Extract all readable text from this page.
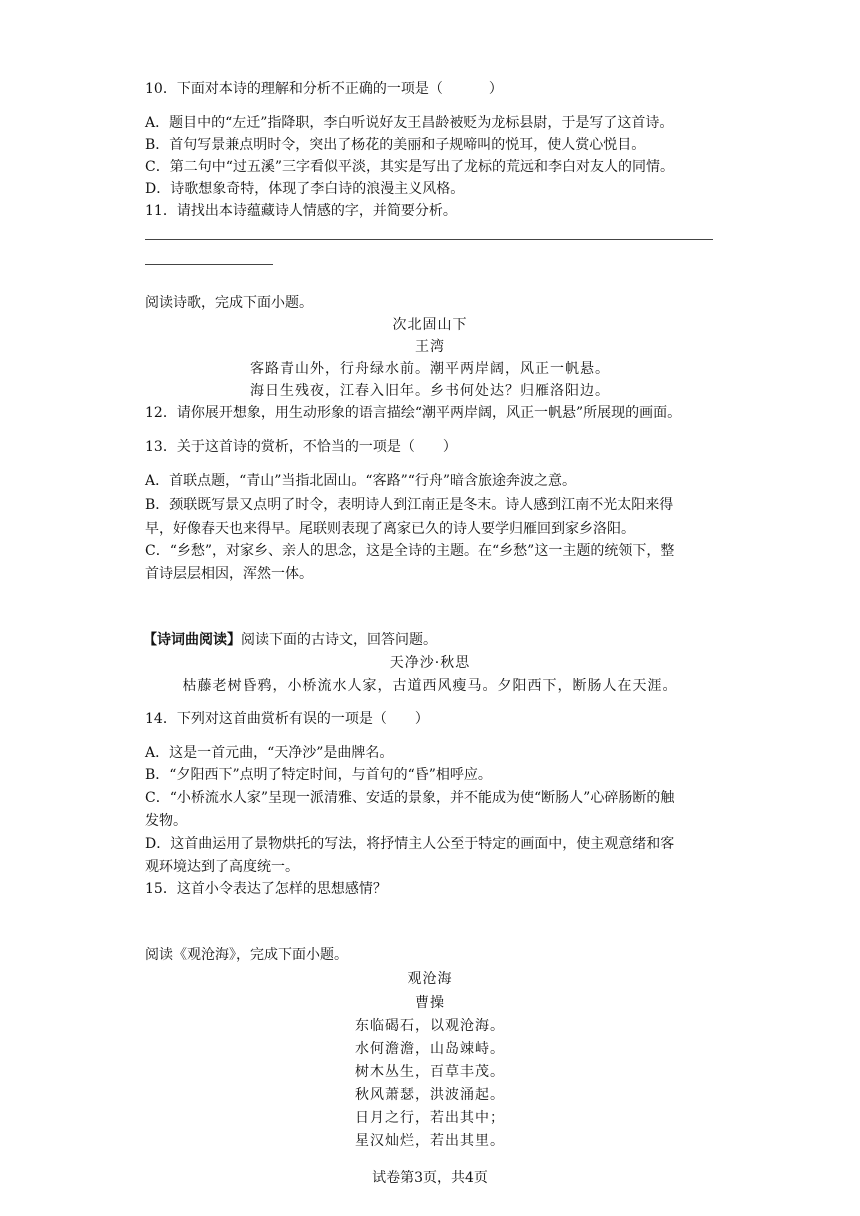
10．下面对本诗的理解和分析不正确的一项是（	）
A．题目中的“左迁”指降职，李白听说好友王昌龄被贬为龙标县尉，于是写了这首诗。
B．首句写景兼点明时令，突出了杨花的美丽和子规啼叫的悦耳，使人赏心悦目。
C．第二句中“过五溪”三字看似平淡，其实是写出了龙标的荒远和李白对友人的同情。
D．诗歌想象奇特，体现了李白诗的浪漫主义风格。
11．请找出本诗蕴藏诗人情感的字，并简要分析。
阅读诗歌，完成下面小题。
次北固山下
王湾
客路青山外，行舟绿水前。潮平两岸阔，风正一帆悬。
海日生残夜，江春入旧年。乡书何处达？归雁洛阳边。
12．请你展开想象，用生动形象的语言描绘“潮平两岸阔，风正一帆悬”所展现的画面。
13．关于这首诗的赏析，不恰当的一项是（　　）
A．首联点题，“青山”当指北固山。“客路”“行舟”暗含旅途奔波之意。
B．颈联既写景又点明了时令，表明诗人到江南正是冬末。诗人感到江南不光太阳来得
早，好像春天也来得早。尾联则表现了离家已久的诗人要学归雁回到家乡洛阳。
C．“乡愁”，对家乡、亲人的思念，这是全诗的主题。在“乡愁”这一主题的统领下，整
首诗层层相因，浑然一体。
【诗词曲阅读】阅读下面的古诗文，回答问题。
天净沙·秋思
枯藤老树昏鸦，小桥流水人家，古道西风瘦马。夕阳西下，断肠人在天涯。
14．下列对这首曲赏析有误的一项是（　　）
A．这是一首元曲，“天净沙”是曲牌名。
B．“夕阳西下”点明了特定时间，与首句的“昏”相呼应。
C．“小桥流水人家”呈现一派清雅、安适的景象，并不能成为使“断肠人”心碎肠断的触
发物。
D．这首曲运用了景物烘托的写法，将抒情主人公至于特定的画面中，使主观意绪和客
观环境达到了高度统一。
15．这首小令表达了怎样的思想感情？
阅读《观沧海》，完成下面小题。
观沧海
曹操
东临碣石，以观沧海。
水何澹澹，山岛竦峙。
树木丛生，百草丰茂。
秋风萧瑟，洪波涌起。
日月之行，若出其中；
星汉灿烂，若出其里。
试卷第3页，共4页
